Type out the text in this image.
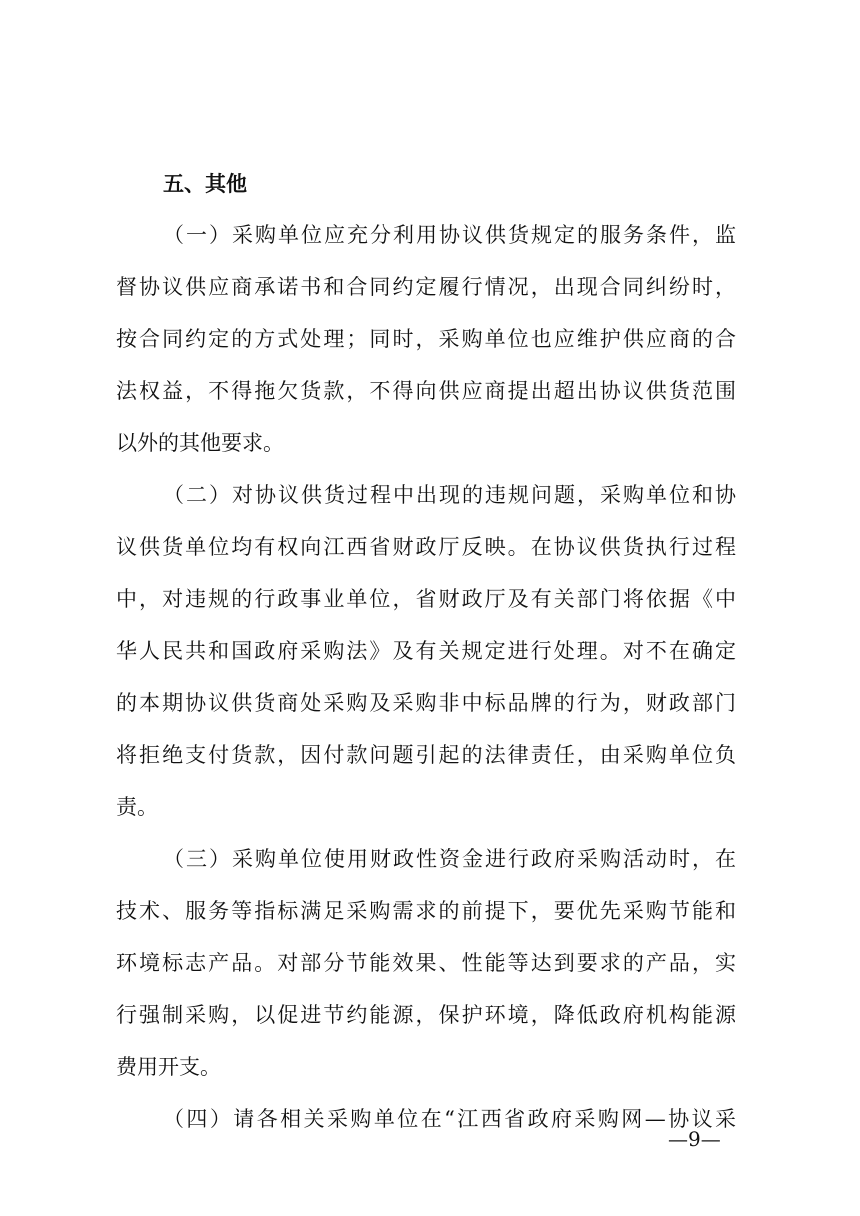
五、其他
（一）采购单位应充分利用协议供货规定的服务条件，监
督协议供应商承诺书和合同约定履行情况，出现合同纠纷时，
按合同约定的方式处理；同时，采购单位也应维护供应商的合
法权益，不得拖欠货款，不得向供应商提出超出协议供货范围
以外的其他要求。
（二）对协议供货过程中出现的违规问题，采购单位和协
议供货单位均有权向江西省财政厅反映。在协议供货执行过程
中，对违规的行政事业单位，省财政厅及有关部门将依据《中
华人民共和国政府采购法》及有关规定进行处理。对不在确定
的本期协议供货商处采购及采购非中标品牌的行为，财政部门
将拒绝支付货款，因付款问题引起的法律责任，由采购单位负
责。
（三）采购单位使用财政性资金进行政府采购活动时，在
技术、服务等指标满足采购需求的前提下，要优先采购节能和
环境标志产品。对部分节能效果、性能等达到要求的产品，实
行强制采购，以促进节约能源，保护环境，降低政府机构能源
费用开支。
（四）请各相关采购单位在“江西省政府采购网—协议采
—9—
